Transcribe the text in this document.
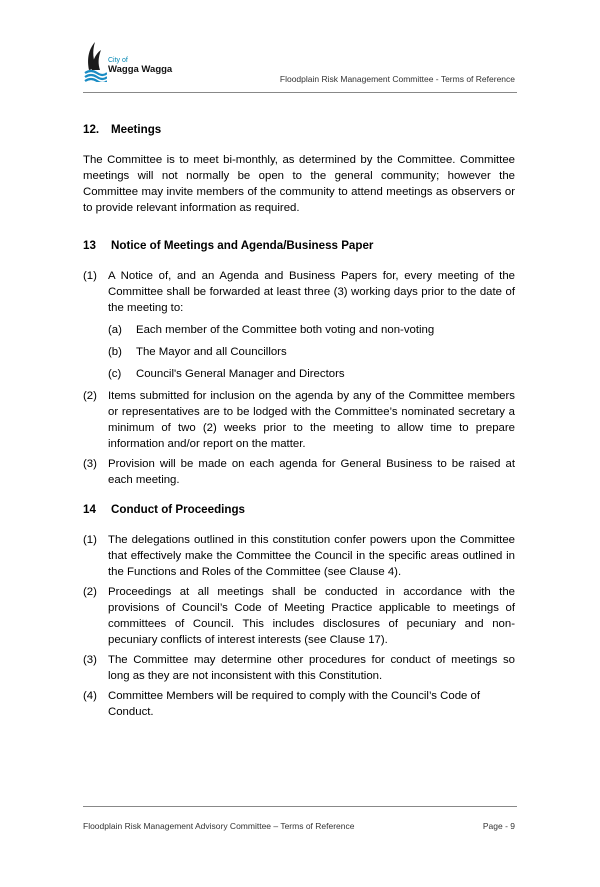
City of
Wagga Wagga
Floodplain Risk Management Committee - Terms of Reference
12. Meetings

The Committee is to meet bi-monthly, as determined by the Committee. Committee meetings will not normally be open to the general community; however the Committee may invite members of the community to attend meetings as observers or to provide relevant information as required.

13 Notice of Meetings and Agenda/Business Paper
(1) A Notice of, and an Agenda and Business Papers for, every meeting of the Committee shall be forwarded at least three (3) working days prior to the date of the meeting to:
(a)	Each member of the Committee both voting and non-voting
(b)	The Mayor and all Councillors
(c)	Council's General Manager and Directors
(2) Items submitted for inclusion on the agenda by any of the Committee members or representatives are to be lodged with the Committee’s nominated secretary a minimum of two (2) weeks prior to the meeting to allow time to prepare information and/or report on the matter.
(3) Provision will be made on each agenda for General Business to be raised at each meeting.
14 Conduct of Proceedings
(1) The delegations outlined in this constitution confer powers upon the Committee that effectively make the Committee the Council in the specific areas outlined in the Functions and Roles of the Committee (see Clause 4).
(2) Proceedings at all meetings shall be conducted in accordance with the provisions of Council’s Code of Meeting Practice applicable to meetings of committees of Council. This includes disclosures of pecuniary and non-pecuniary conflicts of interest interests (see Clause 17).
(3) The Committee may determine other procedures for conduct of meetings so long as they are not inconsistent with this Constitution.
(4) Committee Members will be required to comply with the Council’s Code of Conduct.
Floodplain Risk Management Advisory Committee – Terms of Reference	Page - 9
